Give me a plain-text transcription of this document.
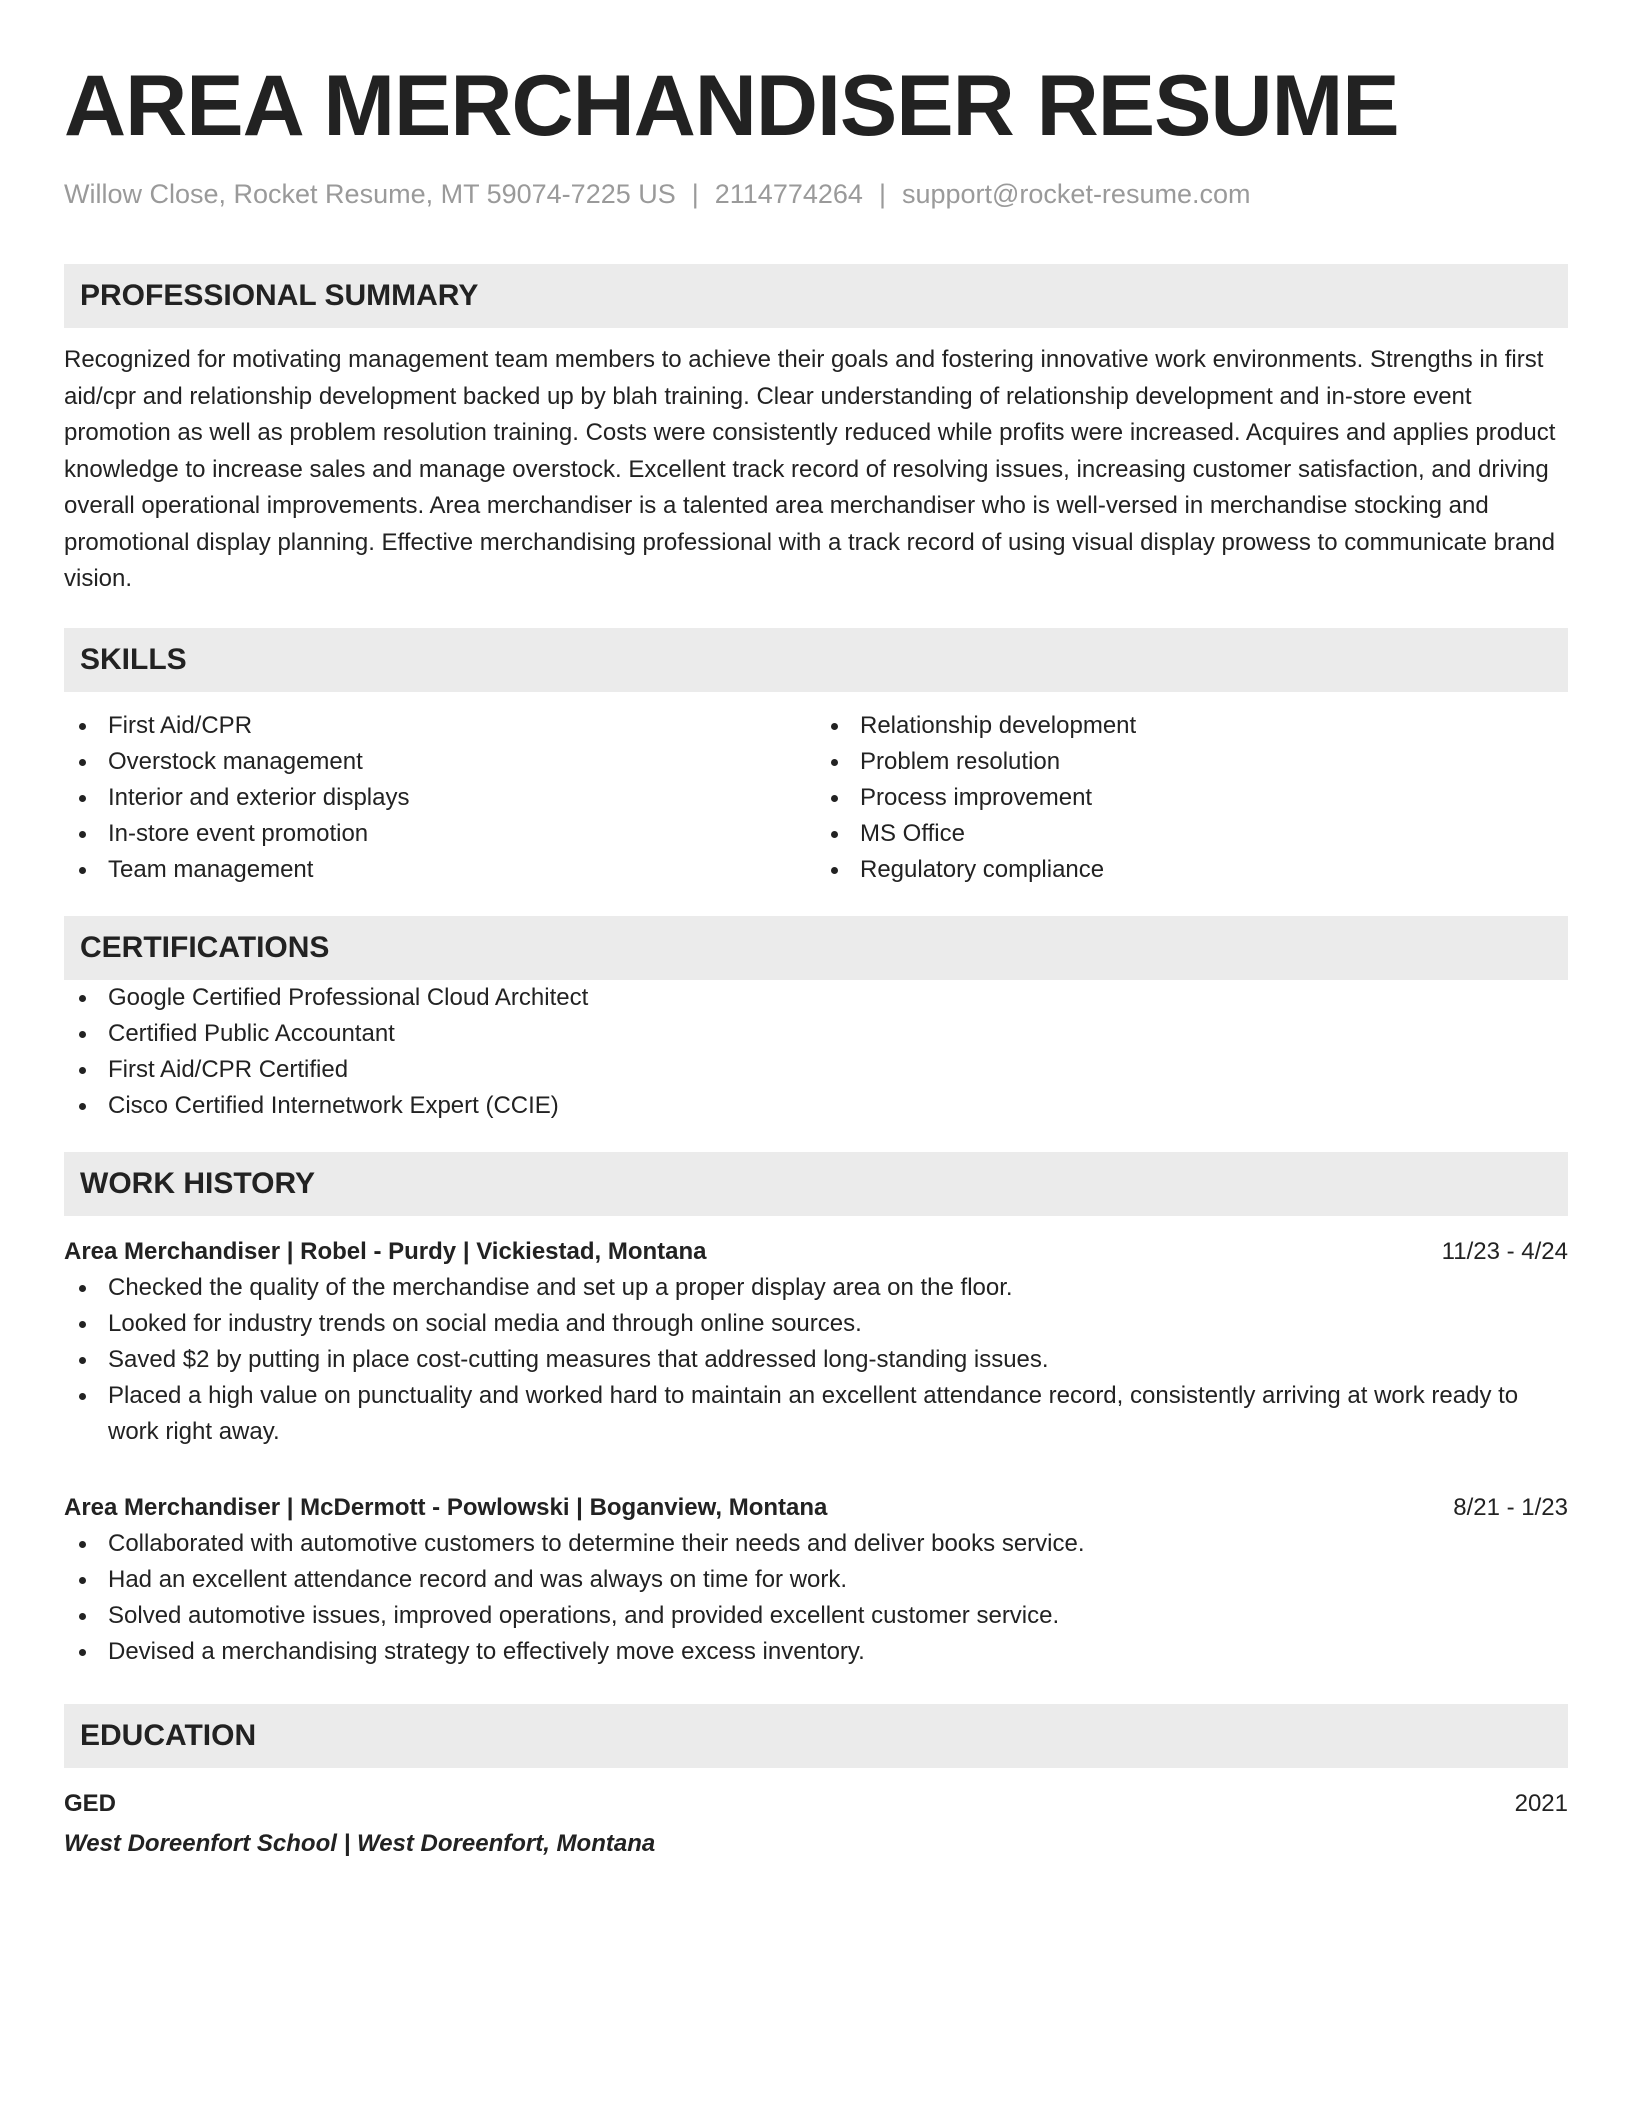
AREA MERCHANDISER RESUME
Willow Close, Rocket Resume, MT 59074-7225 US | 2114774264 | support@rocket-resume.com
PROFESSIONAL SUMMARY

Recognized for motivating management team members to achieve their goals and fostering innovative work environments. Strengths in first aid/cpr and relationship development backed up by blah training. Clear understanding of relationship development and in-store event promotion as well as problem resolution training. Costs were consistently reduced while profits were increased. Acquires and applies product knowledge to increase sales and manage overstock. Excellent track record of resolving issues, increasing customer satisfaction, and driving overall operational improvements. Area merchandiser is a talented area merchandiser who is well-versed in merchandise stocking and promotional display planning. Effective merchandising professional with a track record of using visual display prowess to communicate brand vision.

SKILLS
First Aid/CPR
Overstock management
Interior and exterior displays
In-store event promotion
Team management
Relationship development
Problem resolution
Process improvement
MS Office
Regulatory compliance
CERTIFICATIONS
Google Certified Professional Cloud Architect
Certified Public Accountant
First Aid/CPR Certified
Cisco Certified Internetwork Expert (CCIE)
WORK HISTORY
Area Merchandiser | Robel - Purdy | Vickiestad, Montana	11/23 - 4/24
Checked the quality of the merchandise and set up a proper display area on the floor.
Looked for industry trends on social media and through online sources.
Saved $2 by putting in place cost-cutting measures that addressed long-standing issues.
Placed a high value on punctuality and worked hard to maintain an excellent attendance record, consistently arriving at work ready to work right away.
Area Merchandiser | McDermott - Powlowski | Boganview, Montana	8/21 - 1/23
Collaborated with automotive customers to determine their needs and deliver books service.
Had an excellent attendance record and was always on time for work.
Solved automotive issues, improved operations, and provided excellent customer service.
Devised a merchandising strategy to effectively move excess inventory.
EDUCATION
GED	2021
West Doreenfort School | West Doreenfort, Montana
